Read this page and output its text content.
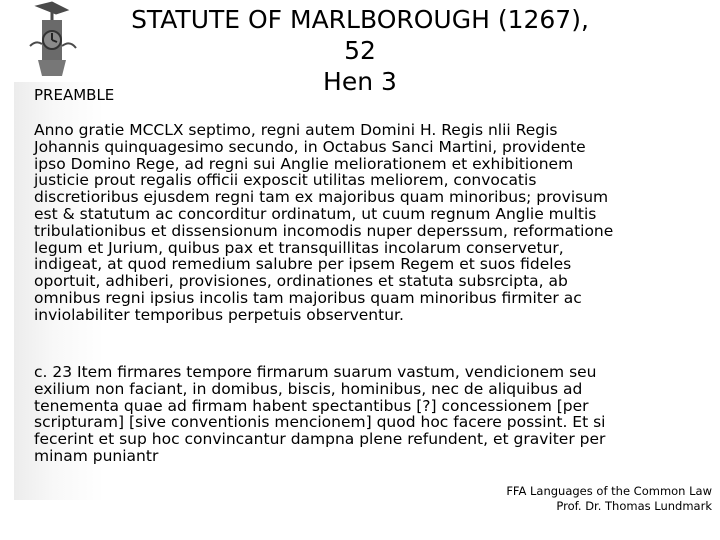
STATUTE OF MARLBOROUGH (1267), 52
Hen 3
PREAMBLE

Anno gratie MCCLX septimo, regni autem Domini H. Regis nlii Regis
Johannis quinquagesimo secundo, in Octabus Sanci Martini, providente
ipso Domino Rege, ad regni sui Anglie meliorationem et exhibitionem
justicie prout regalis officii exposcit utilitas meliorem, convocatis
discretioribus ejusdem regni tam ex majoribus quam minoribus; provisum
est & statutum ac concorditur ordinatum, ut cuum regnum Anglie multis
tribulationibus et dissensionum incomodis nuper deperssum, reformatione
legum et Jurium, quibus pax et transquillitas incolarum conservetur,
indigeat, at quod remedium salubre per ipsem Regem et suos fideles
oportuit, adhiberi, provisiones, ordinationes et statuta subsrcipta, ab
omnibus regni ipsius incolis tam majoribus quam minoribus firmiter ac
inviolabiliter temporibus perpetuis observentur.

c. 23 Item firmares tempore firmarum suarum vastum, vendicionem seu
exilium non faciant, in domibus, biscis, hominibus, nec de aliquibus ad
tenementa quae ad firmam habent spectantibus [?] concessionem [per
scripturam] [sive conventionis mencionem] quod hoc facere possint. Et si
fecerint et sup hoc convincantur dampna plene refundent, et graviter per
minam puniantr

FFA Languages of the Common Law
Prof. Dr. Thomas Lundmark
